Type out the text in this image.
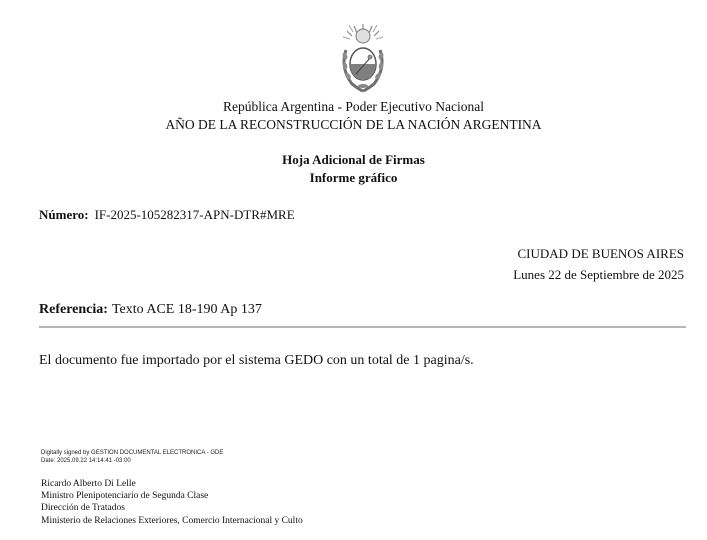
República Argentina - Poder Ejecutivo Nacional
AÑO DE LA RECONSTRUCCIÓN DE LA NACIÓN ARGENTINA
Hoja Adicional de Firmas
Informe gráfico
Número: IF-2025-105282317-APN-DTR#MRE
CIUDAD DE BUENOS AIRES
Lunes 22 de Septiembre de 2025
Referencia: Texto ACE 18-190 Ap 137
El documento fue importado por el sistema GEDO con un total de 1 pagina/s.
Digitally signed by GESTION DOCUMENTAL ELECTRONICA - GDE
Date: 2025.09.22 14:14:41 -03:00
Ricardo Alberto Di Lelle
Ministro Plenipotenciario de Segunda Clase
Dirección de Tratados
Ministerio de Relaciones Exteriores, Comercio Internacional y Culto
